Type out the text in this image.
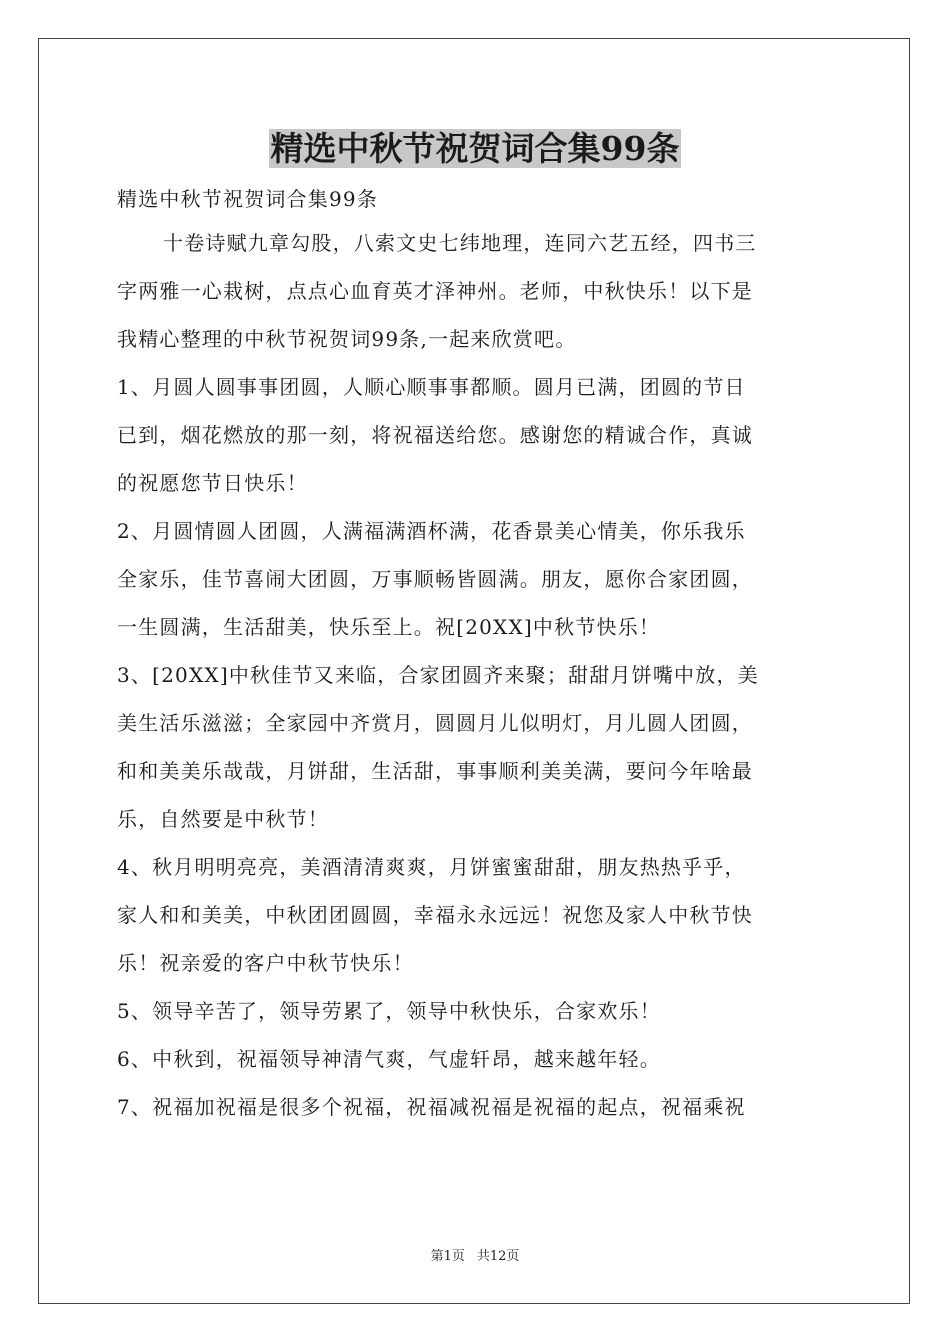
精选中秋节祝贺词合集99条
精选中秋节祝贺词合集99条
十卷诗赋九章勾股，八索文史七纬地理，连同六艺五经，四书三
字两雅一心栽树，点点心血育英才泽神州。老师，中秋快乐！以下是
我精心整理的中秋节祝贺词99条,一起来欣赏吧。
1、月圆人圆事事团圆，人顺心顺事事都顺。圆月已满，团圆的节日
已到，烟花燃放的那一刻，将祝福送给您。感谢您的精诚合作，真诚
的祝愿您节日快乐！
2、月圆情圆人团圆，人满福满酒杯满，花香景美心情美，你乐我乐
全家乐，佳节喜闹大团圆，万事顺畅皆圆满。朋友，愿你合家团圆，
一生圆满，生活甜美，快乐至上。祝[20XX]中秋节快乐！
3、[20XX]中秋佳节又来临，合家团圆齐来聚；甜甜月饼嘴中放，美
美生活乐滋滋；全家园中齐赏月，圆圆月儿似明灯，月儿圆人团圆，
和和美美乐哉哉，月饼甜，生活甜，事事顺利美美满，要问今年啥最
乐，自然要是中秋节！
4、秋月明明亮亮，美酒清清爽爽，月饼蜜蜜甜甜，朋友热热乎乎，
家人和和美美，中秋团团圆圆，幸福永永远远！祝您及家人中秋节快
乐！祝亲爱的客户中秋节快乐！
5、领导辛苦了，领导劳累了，领导中秋快乐，合家欢乐！
6、中秋到，祝福领导神清气爽，气虚轩昂，越来越年轻。
7、祝福加祝福是很多个祝福，祝福减祝福是祝福的起点，祝福乘祝
第1页 共12页
